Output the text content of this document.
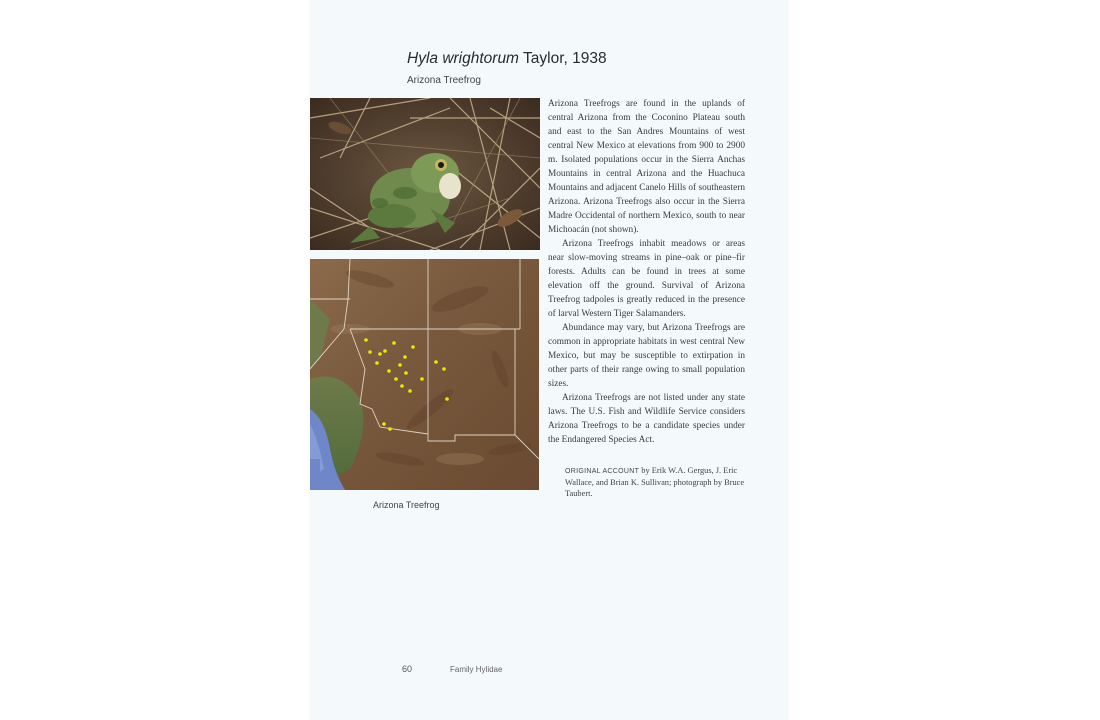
Hyla wrightorum Taylor, 1938
Arizona Treefrog
Arizona Treefrog

Arizona Treefrogs are found in the uplands of central Arizona from the Coconino Plateau south and east to the San Andres Mountains of west central New Mexico at elevations from 900 to 2900 m. Isolated populations occur in the Sierra Anchas Mountains in central Arizona and the Huachuca Mountains and adjacent Canelo Hills of southeastern Arizona. Arizona Treefrogs also occur in the Sierra Madre Occidental of northern Mexico, south to near Michoacán (not shown).

Arizona Treefrogs inhabit meadows or areas near slow-moving streams in pine–oak or pine–fir forests. Adults can be found in trees at some elevation off the ground. Survival of Arizona Treefrog tadpoles is greatly reduced in the presence of larval Western Tiger Salamanders.

Abundance may vary, but Arizona Treefrogs are common in appropriate habitats in west central New Mexico, but may be susceptible to extirpation in other parts of their range owing to small population sizes.

Arizona Treefrogs are not listed under any state laws. The U.S. Fish and Wildlife Service considers Arizona Treefrogs to be a candidate species under the Endangered Species Act.

ORIGINAL ACCOUNT by Erik W.A. Gergus, J. Eric Wallace, and Brian K. Sullivan; photograph by Bruce Taubert.
60	Family Hylidae
